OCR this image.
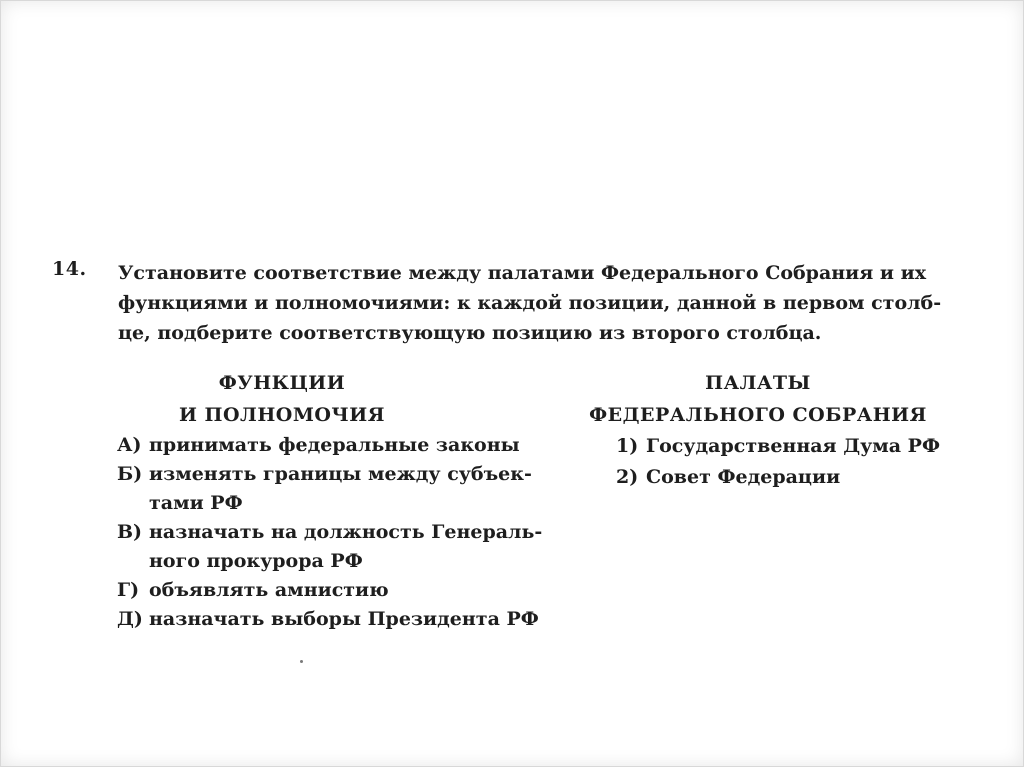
14. Установите соответствие между палатами Федерального Собрания и их
функциями и полномочиями: к каждой позиции, данной в первом столб-
це, подберите соответствующую позицию из второго столбца.
ФУНКЦИИ
И ПОЛНОМОЧИЯ
А) принимать федеральные законы
Б) изменять границы между субъек-
тами РФ
В) назначать на должность Генераль-
ного прокурора РФ
Г) объявлять амнистию
Д) назначать выборы Президента РФ
ПАЛАТЫ
ФЕДЕРАЛЬНОГО СОБРАНИЯ
1) Государственная Дума РФ
2) Совет Федерации
